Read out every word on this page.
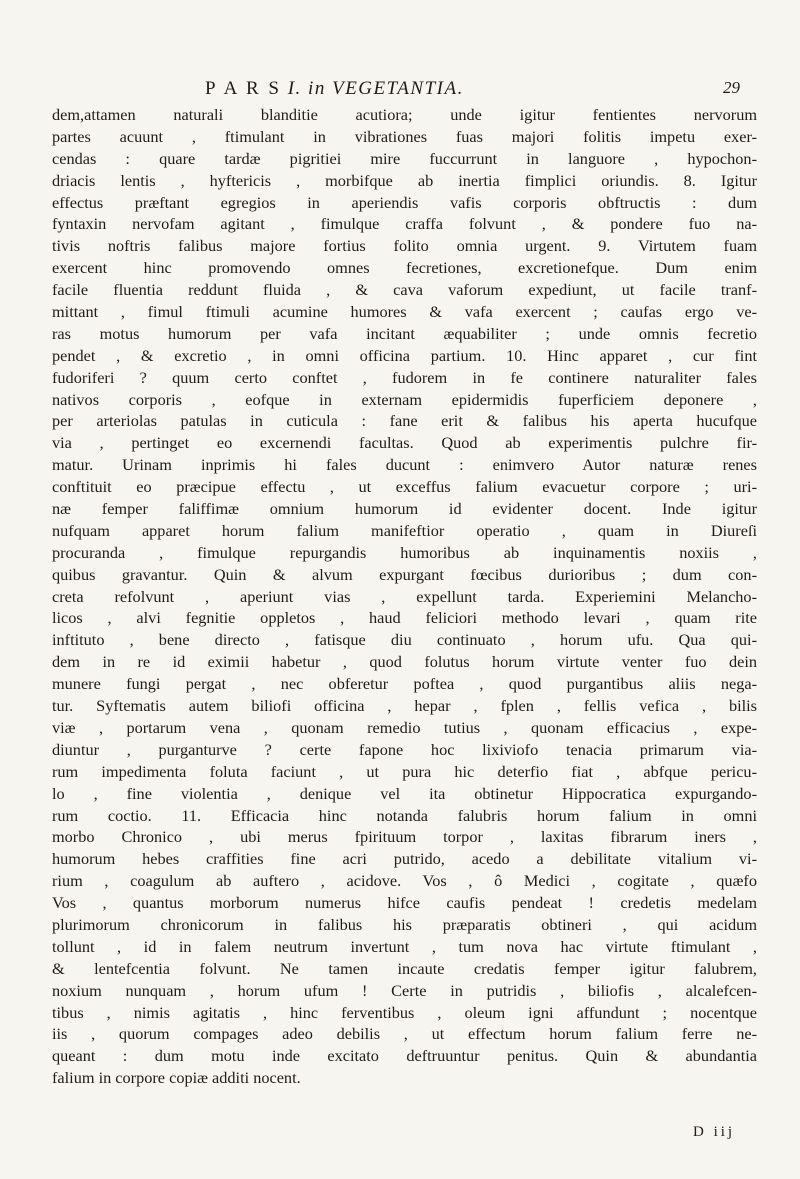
P A R S I. in VEGETANTIA.	29
dem,attamen naturali blanditie acutiora; unde igitur fentientes nervorum
partes acuunt , ftimulant in vibrationes fuas majori folitis impetu exer-
cendas : quare tardæ pigritiei mire fuccurrunt in languore , hypochon-
driacis lentis , hyftericis , morbifque ab inertia fimplici oriundis. 8. Igitur
effectus præftant egregios in aperiendis vafis corporis obftructis : dum
fyntaxin nervofam agitant , fimulque craffa folvunt , & pondere fuo na-
tivis noftris falibus majore fortius folito omnia urgent. 9. Virtutem fuam
exercent hinc promovendo omnes fecretiones, excretionefque. Dum enim
facile fluentia reddunt fluida , & cava vaforum expediunt, ut facile tranf-
mittant , fimul ftimuli acumine humores & vafa exercent ; caufas ergo ve-
ras motus humorum per vafa incitant æquabiliter ; unde omnis fecretio
pendet , & excretio , in omni officina partium. 10. Hinc apparet , cur fint
fudoriferi ? quum certo conftet , fudorem in fe continere naturaliter fales
nativos corporis , eofque in externam epidermidis fuperficiem deponere ,
per arteriolas patulas in cuticula : fane erit & falibus his aperta hucufque
via , pertinget eo excernendi facultas. Quod ab experimentis pulchre fir-
matur. Urinam inprimis hi fales ducunt : enimvero Autor naturæ renes
conftituit eo præcipue effectu , ut exceffus falium evacuetur corpore ; uri-
næ femper faliffimæ omnium humorum id evidenter docent. Inde igitur
nufquam apparet horum falium manifeftior operatio , quam in Diureſi
procuranda , fimulque repurgandis humoribus ab inquinamentis noxiis ,
quibus gravantur. Quin & alvum expurgant fœcibus durioribus ; dum con-
creta refolvunt , aperiunt vias , expellunt tarda. Experiemini Melancho-
licos , alvi fegnitie oppletos , haud feliciori methodo levari , quam rite
inftituto , bene directo , fatisque diu continuato , horum ufu. Qua qui-
dem in re id eximii habetur , quod folutus horum virtute venter fuo dein
munere fungi pergat , nec obferetur poftea , quod purgantibus aliis nega-
tur. Syftematis autem biliofi officina , hepar , fplen , fellis vefica , bilis
viæ , portarum vena , quonam remedio tutius , quonam efficacius , expe-
diuntur , purganturve ? certe fapone hoc lixiviofo tenacia primarum via-
rum impedimenta foluta faciunt , ut pura hic deterfio fiat , abfque pericu-
lo , fine violentia , denique vel ita obtinetur Hippocratica expurgando-
rum coctio. 11. Efficacia hinc notanda falubris horum falium in omni
morbo Chronico , ubi merus fpirituum torpor , laxitas fibrarum iners ,
humorum hebes craffities fine acri putrido, acedo a debilitate vitalium vi-
rium , coagulum ab auftero , acidove. Vos , ô Medici , cogitate , quæfo
Vos , quantus morborum numerus hifce caufis pendeat ! credetis medelam
plurimorum chronicorum in falibus his præparatis obtineri , qui acidum
tollunt , id in falem neutrum invertunt , tum nova hac virtute ftimulant ,
& lentefcentia folvunt. Ne tamen incaute credatis femper igitur falubrem,
noxium nunquam , horum ufum ! Certe in putridis , biliofis , alcalefcen-
tibus , nimis agitatis , hinc ferventibus , oleum igni affundunt ; nocentque
iis , quorum compages adeo debilis , ut effectum horum falium ferre ne-
queant : dum motu inde excitato deftruuntur penitus. Quin & abundantia
falium in corpore copiæ additi nocent.
D iij
